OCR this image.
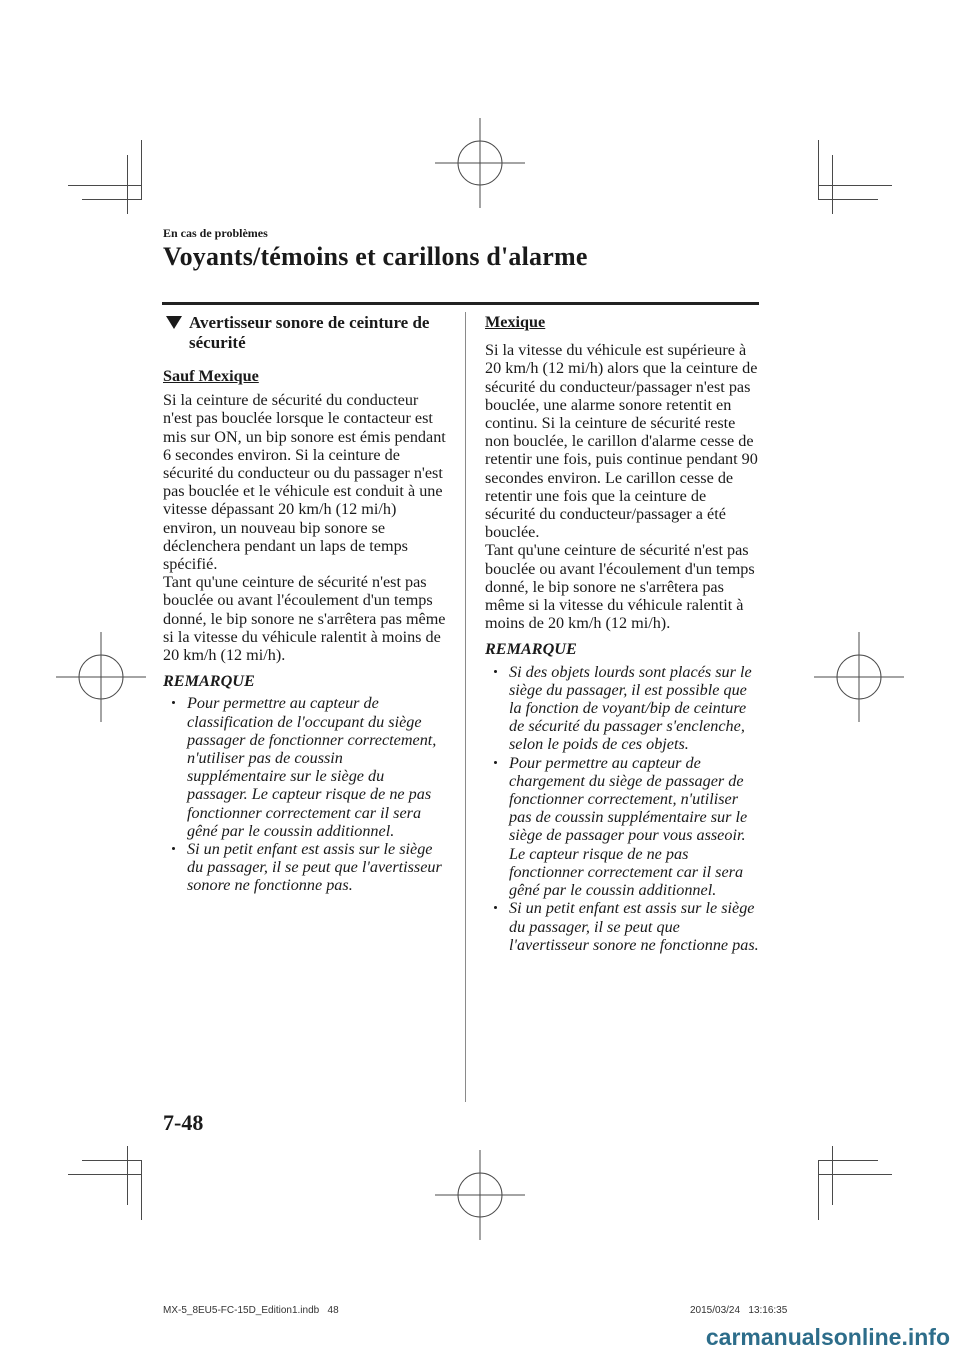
En cas de problèmes
Voyants/témoins et carillons d'alarme
Avertisseur sonore de ceinture de sécurité

Sauf Mexique

Si la ceinture de sécurité du conducteur n'est pas bouclée lorsque le contacteur est mis sur ON, un bip sonore est émis pendant 6 secondes environ. Si la ceinture de sécurité du conducteur ou du passager n'est pas bouclée et le véhicule est conduit à une vitesse dépassant 20 km/h (12 mi/h) environ, un nouveau bip sonore se déclenchera pendant un laps de temps spécifié.

Tant qu'une ceinture de sécurité n'est pas bouclée ou avant l'écoulement d'un temps donné, le bip sonore ne s'arrêtera pas même si la vitesse du véhicule ralentit à moins de 20 km/h (12 mi/h).

REMARQUE

Pour permettre au capteur de classification de l'occupant du siège passager de fonctionner correctement, n'utiliser pas de coussin supplémentaire sur le siège du passager. Le capteur risque de ne pas fonctionner correctement car il sera gêné par le coussin additionnel.
Si un petit enfant est assis sur le siège du passager, il se peut que l'avertisseur sonore ne fonctionne pas.

Mexique

Si la vitesse du véhicule est supérieure à 20 km/h (12 mi/h) alors que la ceinture de sécurité du conducteur/passager n'est pas bouclée, une alarme sonore retentit en continu. Si la ceinture de sécurité reste non bouclée, le carillon d'alarme cesse de retentir une fois, puis continue pendant 90 secondes environ. Le carillon cesse de retentir une fois que la ceinture de sécurité du conducteur/passager a été bouclée.

Tant qu'une ceinture de sécurité n'est pas bouclée ou avant l'écoulement d'un temps donné, le bip sonore ne s'arrêtera pas même si la vitesse du véhicule ralentit à moins de 20 km/h (12 mi/h).

REMARQUE

Si des objets lourds sont placés sur le siège du passager, il est possible que la fonction de voyant/bip de ceinture de sécurité du passager s'enclenche, selon le poids de ces objets.
Pour permettre au capteur de chargement du siège de passager de fonctionner correctement, n'utiliser pas de coussin supplémentaire sur le siège de passager pour vous asseoir. Le capteur risque de ne pas fonctionner correctement car il sera gêné par le coussin additionnel.
Si un petit enfant est assis sur le siège du passager, il se peut que l'avertisseur sonore ne fonctionne pas.
7-48
MX-5_8EU5-FC-15D_Edition1.indb   48	2015/03/24   13:16:35
carmanualsonline.info
